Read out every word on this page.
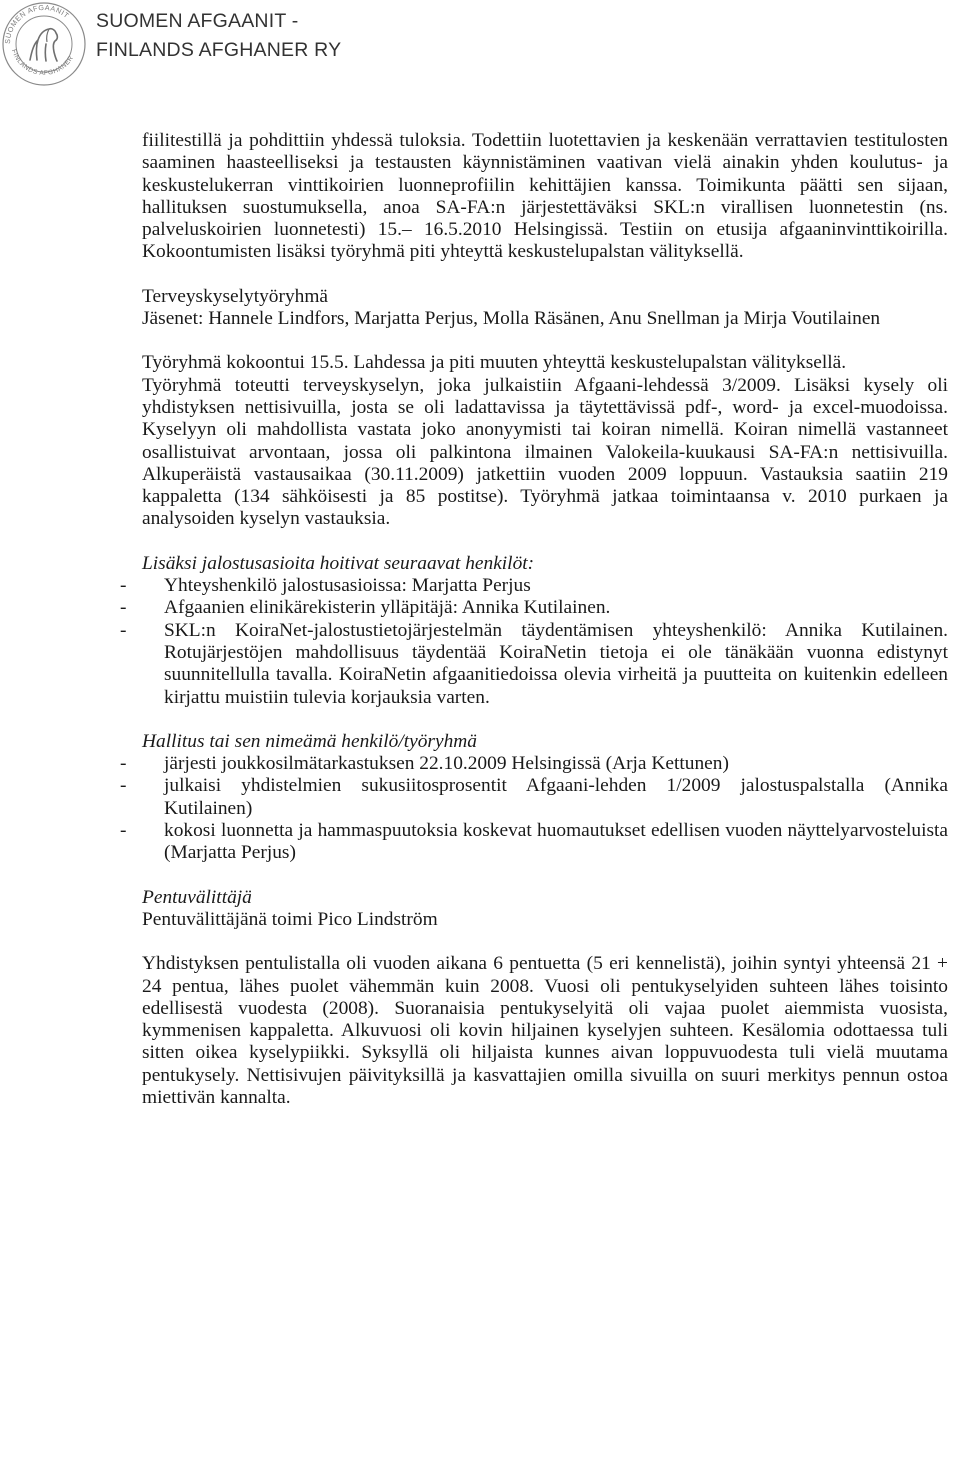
SUOMEN AFGAANIT
FINLANDS AFGHANER
SUOMEN AFGAANIT -
FINLANDS AFGHANER RY

fiilitestillä ja pohdittiin yhdessä tuloksia. Todettiin luotettavien ja keskenään verrattavien testitulosten saaminen haasteelliseksi ja testausten käynnistäminen vaativan vielä ainakin yhden koulutus- ja keskustelukerran vinttikoirien luonneprofiilin kehittäjien kanssa. Toimikunta päätti sen sijaan, hallituksen suostumuksella, anoa SA-FA:n järjestettäväksi SKL:n virallisen luonnetestin (ns. palveluskoirien luonnetesti) 15.– 16.5.2010 Helsingissä. Testiin on etusija afgaaninvinttikoirilla. Kokoontumisten lisäksi työryhmä piti yhteyttä keskustelupalstan välityksellä.

Terveyskyselytyöryhmä

Jäsenet: Hannele Lindfors, Marjatta Perjus, Molla Räsänen, Anu Snellman ja Mirja Voutilainen

Työryhmä kokoontui 15.5. Lahdessa ja piti muuten yhteyttä keskustelupalstan välityksellä.

Työryhmä toteutti terveyskyselyn, joka julkaistiin Afgaani-lehdessä 3/2009. Lisäksi kysely oli yhdistyksen nettisivuilla, josta se oli ladattavissa ja täytettävissä pdf-, word- ja excel-muodoissa. Kyselyyn oli mahdollista vastata joko anonyymisti tai koiran nimellä. Koiran nimellä vastanneet osallistuivat arvontaan, jossa oli palkintona ilmainen Valokeila-kuukausi SA-FA:n nettisivuilla. Alkuperäistä vastausaikaa (30.11.2009) jatkettiin vuoden 2009 loppuun. Vastauksia saatiin 219 kappaletta (134 sähköisesti ja 85 postitse). Työryhmä jatkaa toimintaansa v. 2010 purkaen ja analysoiden kyselyn vastauksia.

Lisäksi jalostusasioita hoitivat seuraavat henkilöt:

- Yhteyshenkilö jalostusasioissa: Marjatta Perjus
- Afgaanien elinikärekisterin ylläpitäjä: Annika Kutilainen.
- SKL:n KoiraNet-jalostustietojärjestelmän täydentämisen yhteyshenkilö: Annika Kutilainen. Rotujärjestöjen mahdollisuus täydentää KoiraNetin tietoja ei ole tänäkään vuonna edistynyt suunnitellulla tavalla. KoiraNetin afgaanitiedoissa olevia virheitä ja puutteita on kuitenkin edelleen kirjattu muistiin tulevia korjauksia varten.

Hallitus tai sen nimeämä henkilö/työryhmä

- järjesti joukkosilmätarkastuksen 22.10.2009 Helsingissä (Arja Kettunen)
- julkaisi yhdistelmien sukusiitosprosentit Afgaani-lehden 1/2009 jalostuspalstalla (Annika Kutilainen)
- kokosi luonnetta ja hammaspuutoksia koskevat huomautukset edellisen vuoden näyttelyarvosteluista (Marjatta Perjus)

Pentuvälittäjä

Pentuvälittäjänä toimi Pico Lindström

Yhdistyksen pentulistalla oli vuoden aikana 6 pentuetta (5 eri kennelistä), joihin syntyi yhteensä 21 + 24 pentua, lähes puolet vähemmän kuin 2008. Vuosi oli pentukyselyiden suhteen lähes toisinto edellisestä vuodesta (2008). Suoranaisia pentukyselyitä oli vajaa puolet aiemmista vuosista, kymmenisen kappaletta. Alkuvuosi oli kovin hiljainen kyselyjen suhteen. Kesälomia odottaessa tuli sitten oikea kyselypiikki. Syksyllä oli hiljaista kunnes aivan loppuvuodesta tuli vielä muutama pentukysely. Nettisivujen päivityksillä ja kasvattajien omilla sivuilla on suuri merkitys pennun ostoa miettivän kannalta.
